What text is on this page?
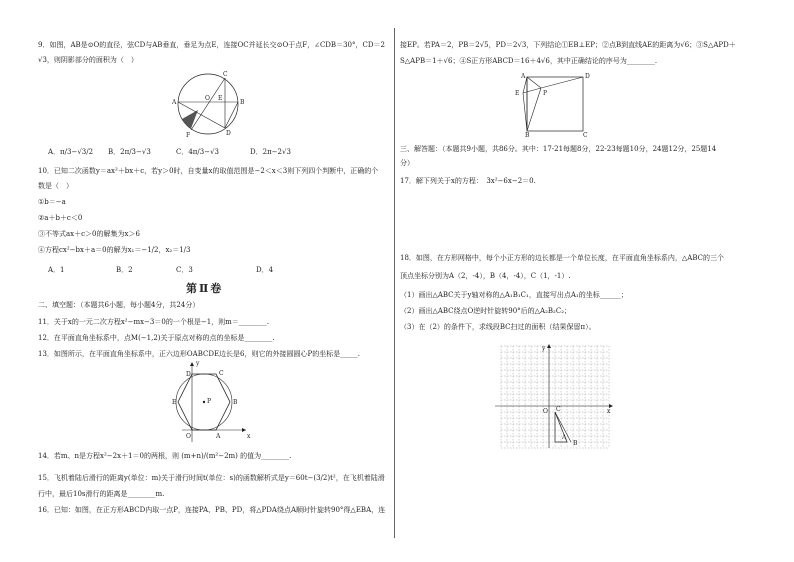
9．如图，AB是⊙O的直径，弦CD与AB垂直，垂足为点E，连接OC并延长交⊙O于点F，∠CDB＝30°，CD＝2
√3，则阴影部分的面积为（　）
C
A
O E
B
F	D
A．π/3−√3/2 B．2π/3−√3	C．4π/3−√3	D．2π−2√3
10．已知二次函数y＝ax²＋bx＋c，若y＞0时，自变量x的取值范围是−2＜x＜3则下列四个判断中，正确的个
数是（　）
①b＝−a
②a＋b＋c＜0
③不等式ax＋c＞0的解集为x＞6
④方程cx²−bx＋a＝0的解为x₁＝−1/2，x₂＝1/3
A．1	B．2	C．3	D．4
第Ⅱ卷
二、填空题：（本题共6小题，每小题4分，共24分）
11．关于x的一元二次方程x²−mx−3＝0的一个根是−1，则m＝________.
12．在平面直角坐标系中，点M(−1,2)关于原点对称的点的坐标是________.
13．如图所示，在平面直角坐标系中，正六边形OABCDE边长是6，则它的外接圆圆心P的坐标是_____.
y
D	C
E	P	B
O	A	x
14．若m、n是方程x²−2x＋1＝0的两根，则 (m+n)/(m²−2m) 的值为________.
15．飞机着陆后滑行的距离y(单位：m)关于滑行时间t(单位：s)的函数解析式是y＝60t−(3/2)t²，在飞机着陆滑
行中，最后10s滑行的距离是________m.
16．已知：如图，在正方形ABCD内取一点P，连接PA、PB、PD，将△PDA绕点A顺时针旋转90°得△EBA，连
接EP。若PA＝2，PB＝2√5，PD＝2√3，下列结论①EB⊥EP；②点B到直线AE的距离为√6；③S△APD＋
S△APB＝1＋√6；④S正方形ABCD＝16＋4√6，其中正确结论的序号为________.
A	D
E	P
B	C
三、解答题：（本题共9小题，共86分。其中：17-21每题8分，22-23每题10分，24题12分，25题14
分）
17．解下列关于x的方程：　3x²−6x−2＝0.
18．如图，在方形网格中，每个小正方形的边长都是一个单位长度，在平面直角坐标系内，△ABC的三个
顶点坐标分别为A（2，-4），B（4，-4），C（1，-1）.
（1）画出△ABC关于y轴对称的△A₁B₁C₁，直接写出点A₁的坐标______；
（2）画出△ABC绕点O逆时针旋转90°后的△A₂B₂C₂；
（3）在（2）的条件下，求线段BC扫过的面积（结果保留π）。
y
O	x
C
A
B
